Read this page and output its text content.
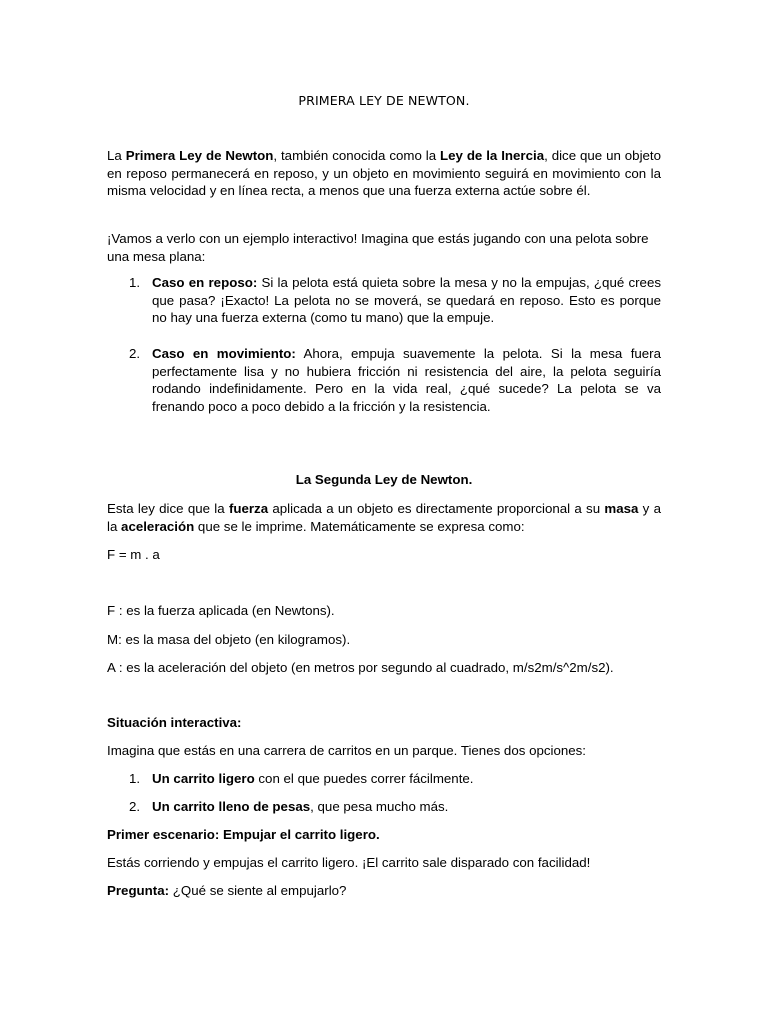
PRIMERA LEY DE NEWTON.
La Primera Ley de Newton, también conocida como la Ley de la Inercia, dice que un objeto en reposo permanecerá en reposo, y un objeto en movimiento seguirá en movimiento con la misma velocidad y en línea recta, a menos que una fuerza externa actúe sobre él.
¡Vamos a verlo con un ejemplo interactivo! Imagina que estás jugando con una pelota sobre una mesa plana:
1. Caso en reposo: Si la pelota está quieta sobre la mesa y no la empujas, ¿qué crees que pasa? ¡Exacto! La pelota no se moverá, se quedará en reposo. Esto es porque no hay una fuerza externa (como tu mano) que la empuje.
2. Caso en movimiento: Ahora, empuja suavemente la pelota. Si la mesa fuera perfectamente lisa y no hubiera fricción ni resistencia del aire, la pelota seguiría rodando indefinidamente. Pero en la vida real, ¿qué sucede? La pelota se va frenando poco a poco debido a la fricción y la resistencia.
La Segunda Ley de Newton.
Esta ley dice que la fuerza aplicada a un objeto es directamente proporcional a su masa y a la aceleración que se le imprime. Matemáticamente se expresa como:
F = m . a
F : es la fuerza aplicada (en Newtons).
M: es la masa del objeto (en kilogramos).
A : es la aceleración del objeto (en metros por segundo al cuadrado, m/s2m/s^2m/s2).
Situación interactiva:
Imagina que estás en una carrera de carritos en un parque. Tienes dos opciones:
1. Un carrito ligero con el que puedes correr fácilmente.
2. Un carrito lleno de pesas, que pesa mucho más.
Primer escenario: Empujar el carrito ligero.
Estás corriendo y empujas el carrito ligero. ¡El carrito sale disparado con facilidad!
Pregunta: ¿Qué se siente al empujarlo?
